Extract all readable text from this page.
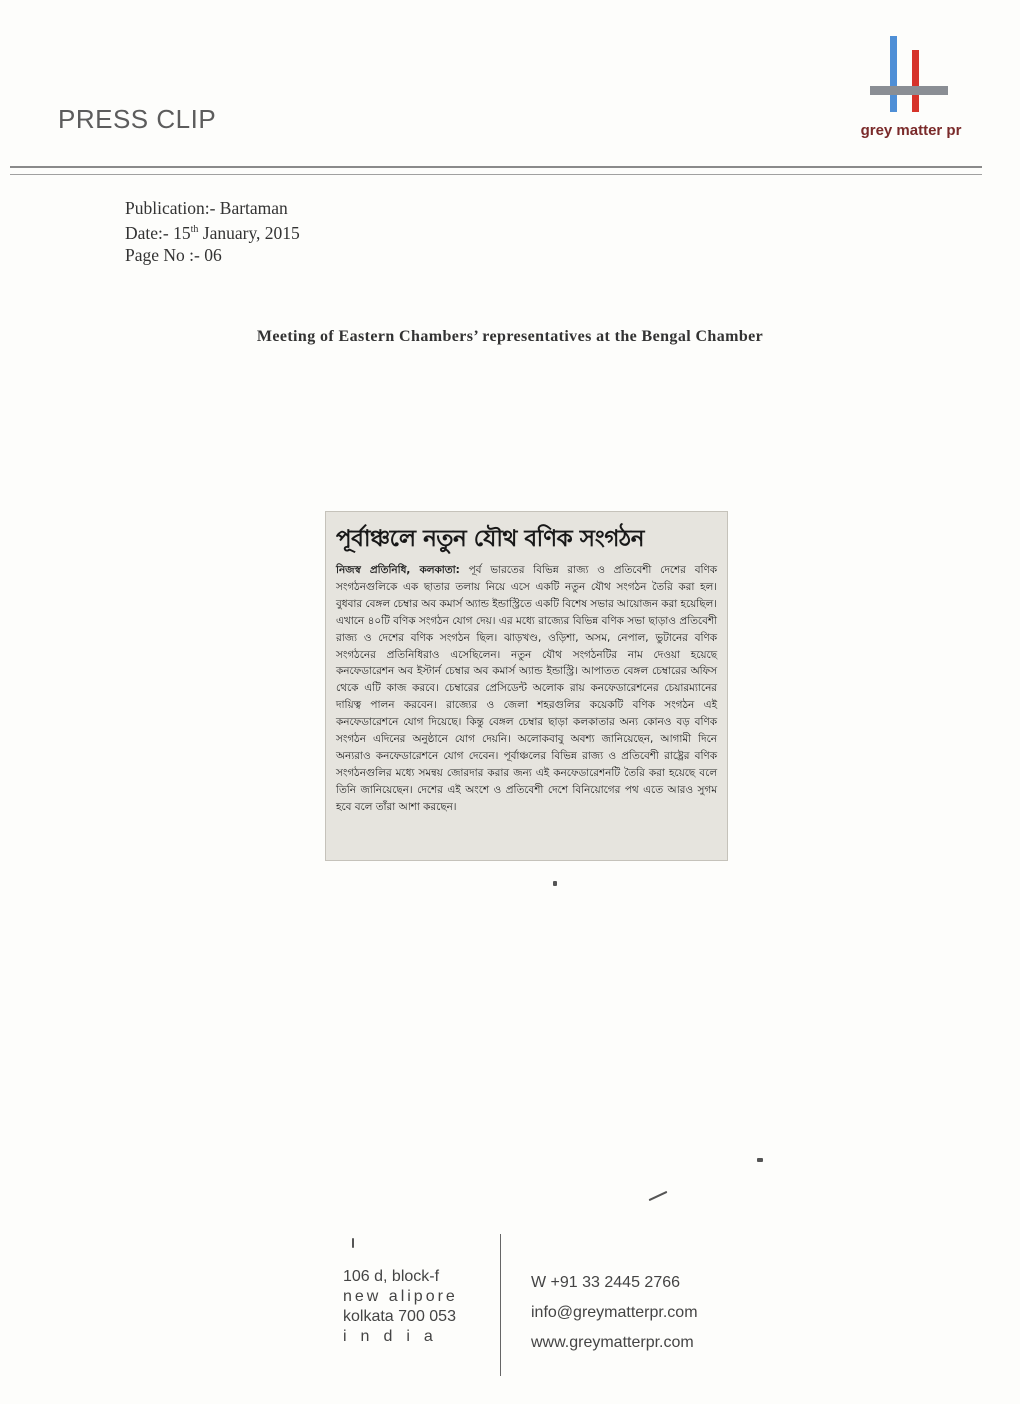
PRESS CLIP	grey matter pr
Publication:- Bartaman
Date:- 15th January, 2015
Page No :- 06
Meeting of Eastern Chambers’ representatives at the Bengal Chamber
পূর্বাঞ্চলে নতুন যৌথ বণিক সংগঠন
নিজস্ব প্রতিনিধি, কলকাতা: পূর্ব ভারতের বিভিন্ন রাজ্য ও প্রতিবেশী দেশের বণিক সংগঠনগুলিকে এক ছাতার তলায় নিয়ে এসে একটি নতুন যৌথ সংগঠন তৈরি করা হল। বুধবার বেঙ্গল চেম্বার অব কমার্স অ্যান্ড ইন্ডাস্ট্রিতে একটি বিশেষ সভার আয়োজন করা হয়েছিল। এখানে ৪০টি বণিক সংগঠন যোগ দেয়। এর মধ্যে রাজ্যের বিভিন্ন বণিক সভা ছাড়াও প্রতিবেশী রাজ্য ও দেশের বণিক সংগঠন ছিল। ঝাড়খণ্ড, ওড়িশা, অসম, নেপাল, ভুটানের বণিক সংগঠনের প্রতিনিধিরাও এসেছিলেন। নতুন যৌথ সংগঠনটির নাম দেওয়া হয়েছে কনফেডারেশন অব ইস্টার্ন চেম্বার অব কমার্স অ্যান্ড ইন্ডাস্ট্রি। আপাতত বেঙ্গল চেম্বারের অফিস থেকে এটি কাজ করবে। চেম্বারের প্রেসিডেন্ট অলোক রায় কনফেডারেশনের চেয়ারম্যানের দায়িত্ব পালন করবেন। রাজ্যের ও জেলা শহরগুলির কয়েকটি বণিক সংগঠন এই কনফেডারেশনে যোগ দিয়েছে। কিন্তু বেঙ্গল চেম্বার ছাড়া কলকাতার অন্য কোনও বড় বণিক সংগঠন এদিনের অনুষ্ঠানে যোগ দেয়নি। অলোকবাবু অবশ্য জানিয়েছেন, আগামী দিনে অন্যরাও কনফেডারেশনে যোগ দেবেন। পূর্বাঞ্চলের বিভিন্ন রাজ্য ও প্রতিবেশী রাষ্ট্রের বণিক সংগঠনগুলির মধ্যে সমন্বয় জোরদার করার জন্য এই কনফেডারেশনটি তৈরি করা হয়েছে বলে তিনি জানিয়েছেন। দেশের এই অংশে ও প্রতিবেশী দেশে বিনিয়োগের পথ এতে আরও সুগম হবে বলে তাঁরা আশা করছেন।
106 d, block-f
new alipore
kolkata 700 053
india
W +91 33 2445 2766
info@greymatterpr.com
www.greymatterpr.com
